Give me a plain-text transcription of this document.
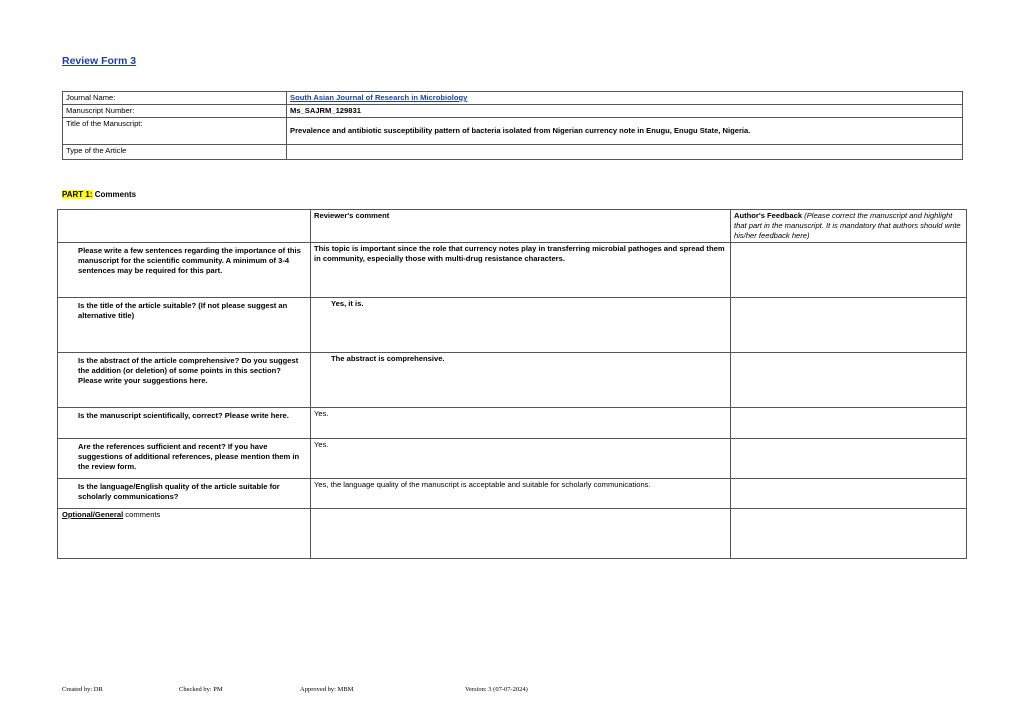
Review Form 3
Journal Name:	South Asian Journal of Research in Microbiology
Manuscript Number:	Ms_SAJRM_129831
Title of the Manuscript:	Prevalence and antibiotic susceptibility pattern of bacteria isolated from Nigerian currency note in Enugu, Enugu State, Nigeria.
Type of the Article	
PART 1: Comments
	Reviewer's comment	Author's Feedback (Please correct the manuscript and highlight that part in the manuscript. It is mandatory that authors should write his/her feedback here)
Please write a few sentences regarding the importance of this manuscript for the scientific community. A minimum of 3-4 sentences may be required for this part.	This topic is important since the role that currency notes play in transferring microbial pathoges and spread them in community, especially those with multi-drug resistance characters.	
Is the title of the article suitable? (If not please suggest an alternative title)	Yes, it is.	
Is the abstract of the article comprehensive? Do you suggest the addition (or deletion) of some points in this section? Please write your suggestions here.	The abstract is comprehensive.	
Is the manuscript scientifically, correct? Please write here.	Yes.	
Are the references sufficient and recent? If you have suggestions of additional references, please mention them in the review form.	Yes.	
Is the language/English quality of the article suitable for scholarly communications?	Yes, the language quality of the manuscript is acceptable and suitable for scholarly communications.	
Optional/General comments		
Created by: DR	Checked by: PM	Approved by: MBM	Version: 3 (07-07-2024)
